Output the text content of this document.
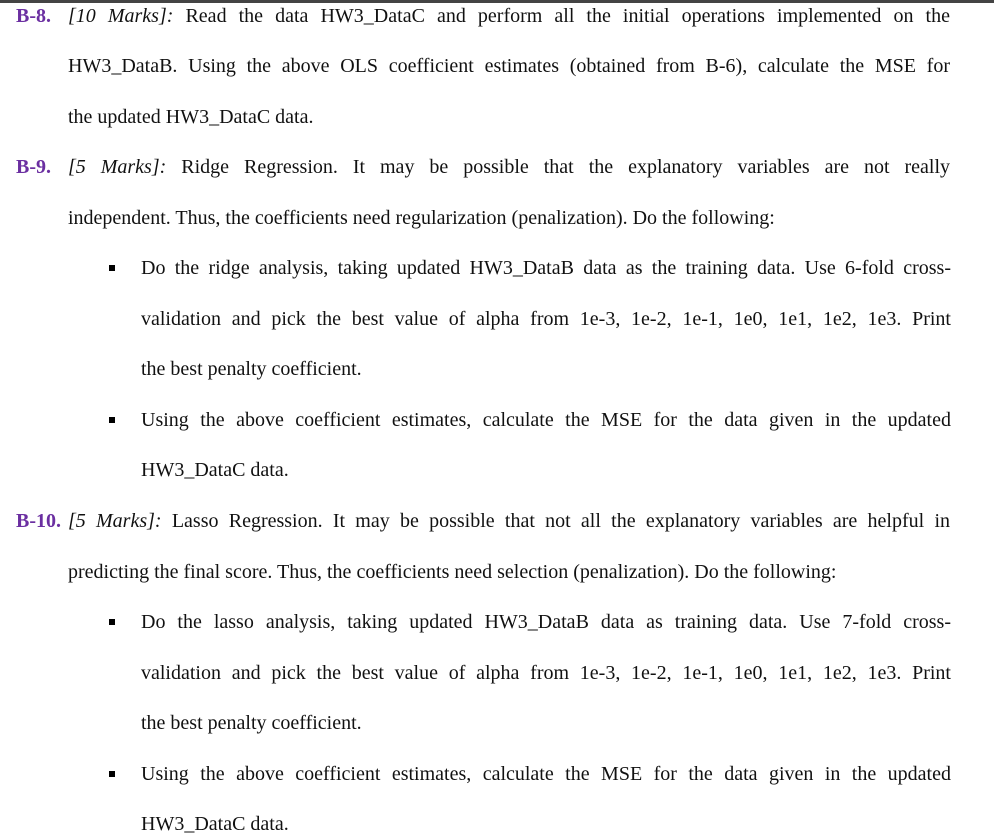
B-8. [10 Marks]: Read the data HW3_DataC and perform all the initial operations implemented on the
HW3_DataB. Using the above OLS coefficient estimates (obtained from B-6), calculate the MSE for
the updated HW3_DataC data.
B-9. [5 Marks]: Ridge Regression. It may be possible that the explanatory variables are not really
independent. Thus, the coefficients need regularization (penalization). Do the following:
Do the ridge analysis, taking updated HW3_DataB data as the training data. Use 6-fold cross-
validation and pick the best value of alpha from 1e-3, 1e-2, 1e-1, 1e0, 1e1, 1e2, 1e3. Print
the best penalty coefficient.
Using the above coefficient estimates, calculate the MSE for the data given in the updated
HW3_DataC data.
B-10. [5 Marks]: Lasso Regression. It may be possible that not all the explanatory variables are helpful in
predicting the final score. Thus, the coefficients need selection (penalization). Do the following:
Do the lasso analysis, taking updated HW3_DataB data as training data. Use 7-fold cross-
validation and pick the best value of alpha from 1e-3, 1e-2, 1e-1, 1e0, 1e1, 1e2, 1e3. Print
the best penalty coefficient.
Using the above coefficient estimates, calculate the MSE for the data given in the updated
HW3_DataC data.
